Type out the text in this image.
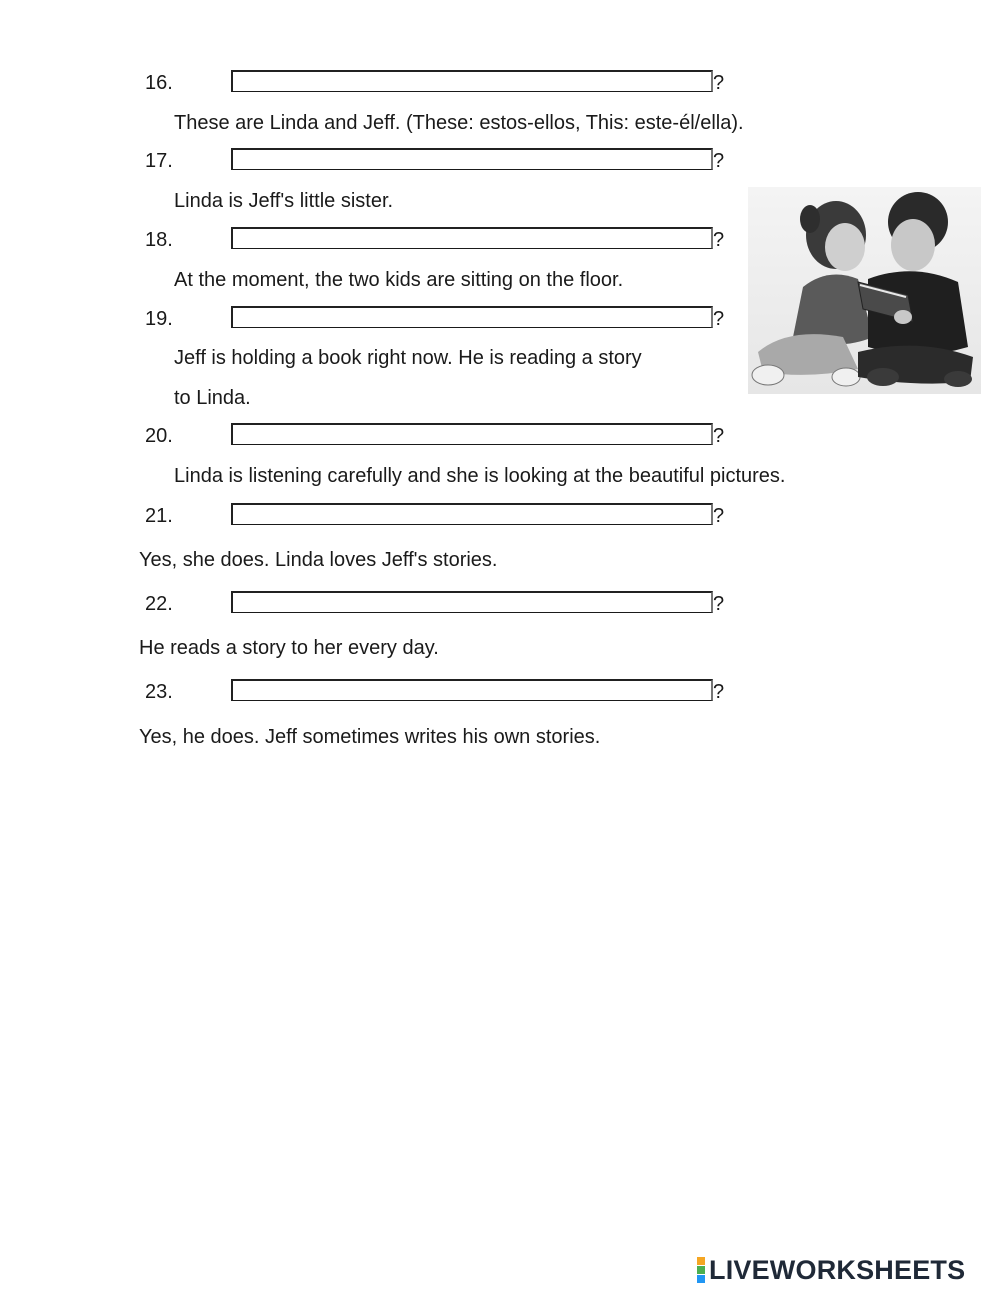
16.	?
These are Linda and Jeff. (These: estos-ellos, This: este-él/ella).
17.	?
Linda is Jeff's little sister.
18.	?
At the moment, the two kids are sitting on the floor.
19.	?
Jeff is holding a book right now. He is reading a story
to Linda.
20.	?
Linda is listening carefully and she is looking at the beautiful pictures.
21.	?
Yes, she does. Linda loves Jeff's stories.
22.	?
He reads a story to her every day.
23.	?
Yes, he does. Jeff sometimes writes his own stories.
LIVEWORKSHEETS
